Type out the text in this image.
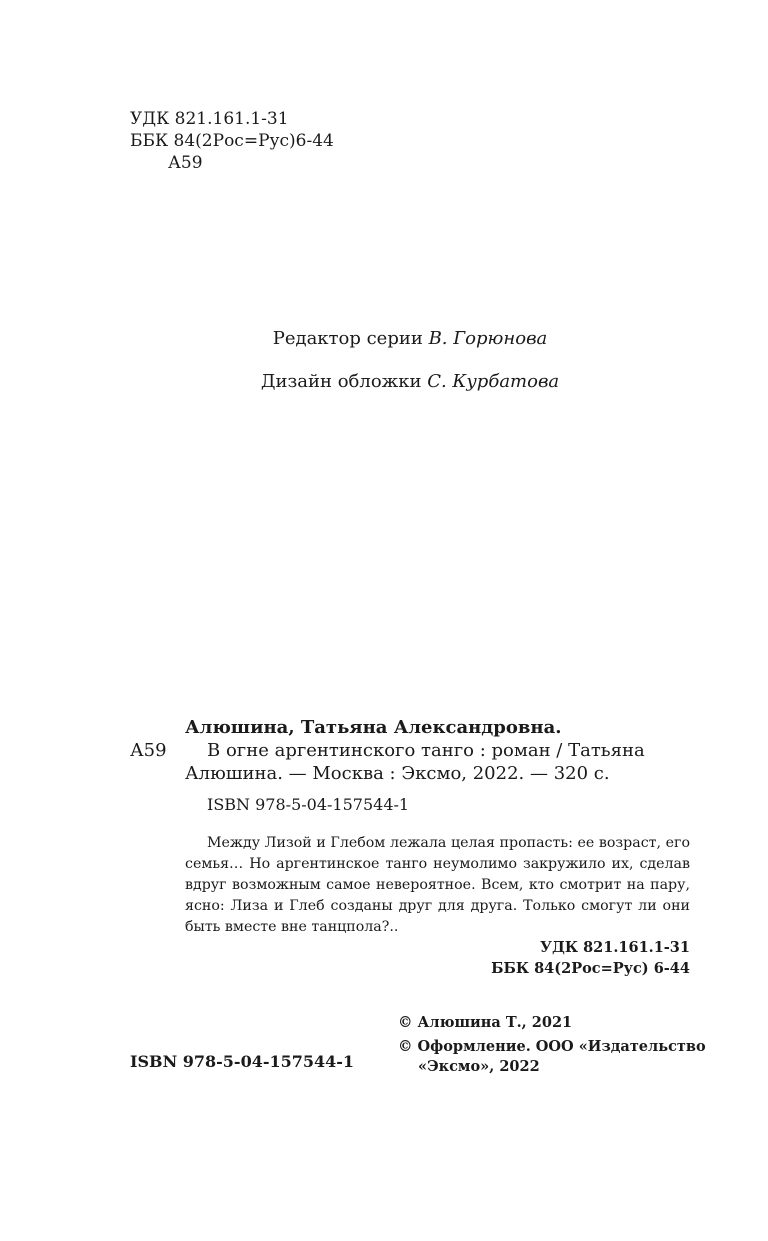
УДК 821.161.1-31
ББК 84(2Рос=Рус)6-44
А59
Редактор серии В. Горюнова
Дизайн обложки С. Курбатова
А59
Алюшина, Татьяна Александровна.
В огне аргентинского танго : роман / Татьяна
Алюшина. — Москва : Эксмо, 2022. — 320 с.
ISBN 978-5-04-157544-1
Между Лизой и Глебом лежала целая пропасть: ее возраст, его
семья… Но аргентинское танго неумолимо закружило их, сделав
вдруг возможным самое невероятное. Всем, кто смотрит на пару,
ясно: Лиза и Глеб созданы друг для друга. Только смогут ли они
быть вместе вне танцпола?..
УДК 821.161.1-31
ББК 84(2Рос=Рус) 6-44
© Алюшина Т., 2021
© Оформление. ООО «Издательство
«Эксмо», 2022
ISBN 978-5-04-157544-1
